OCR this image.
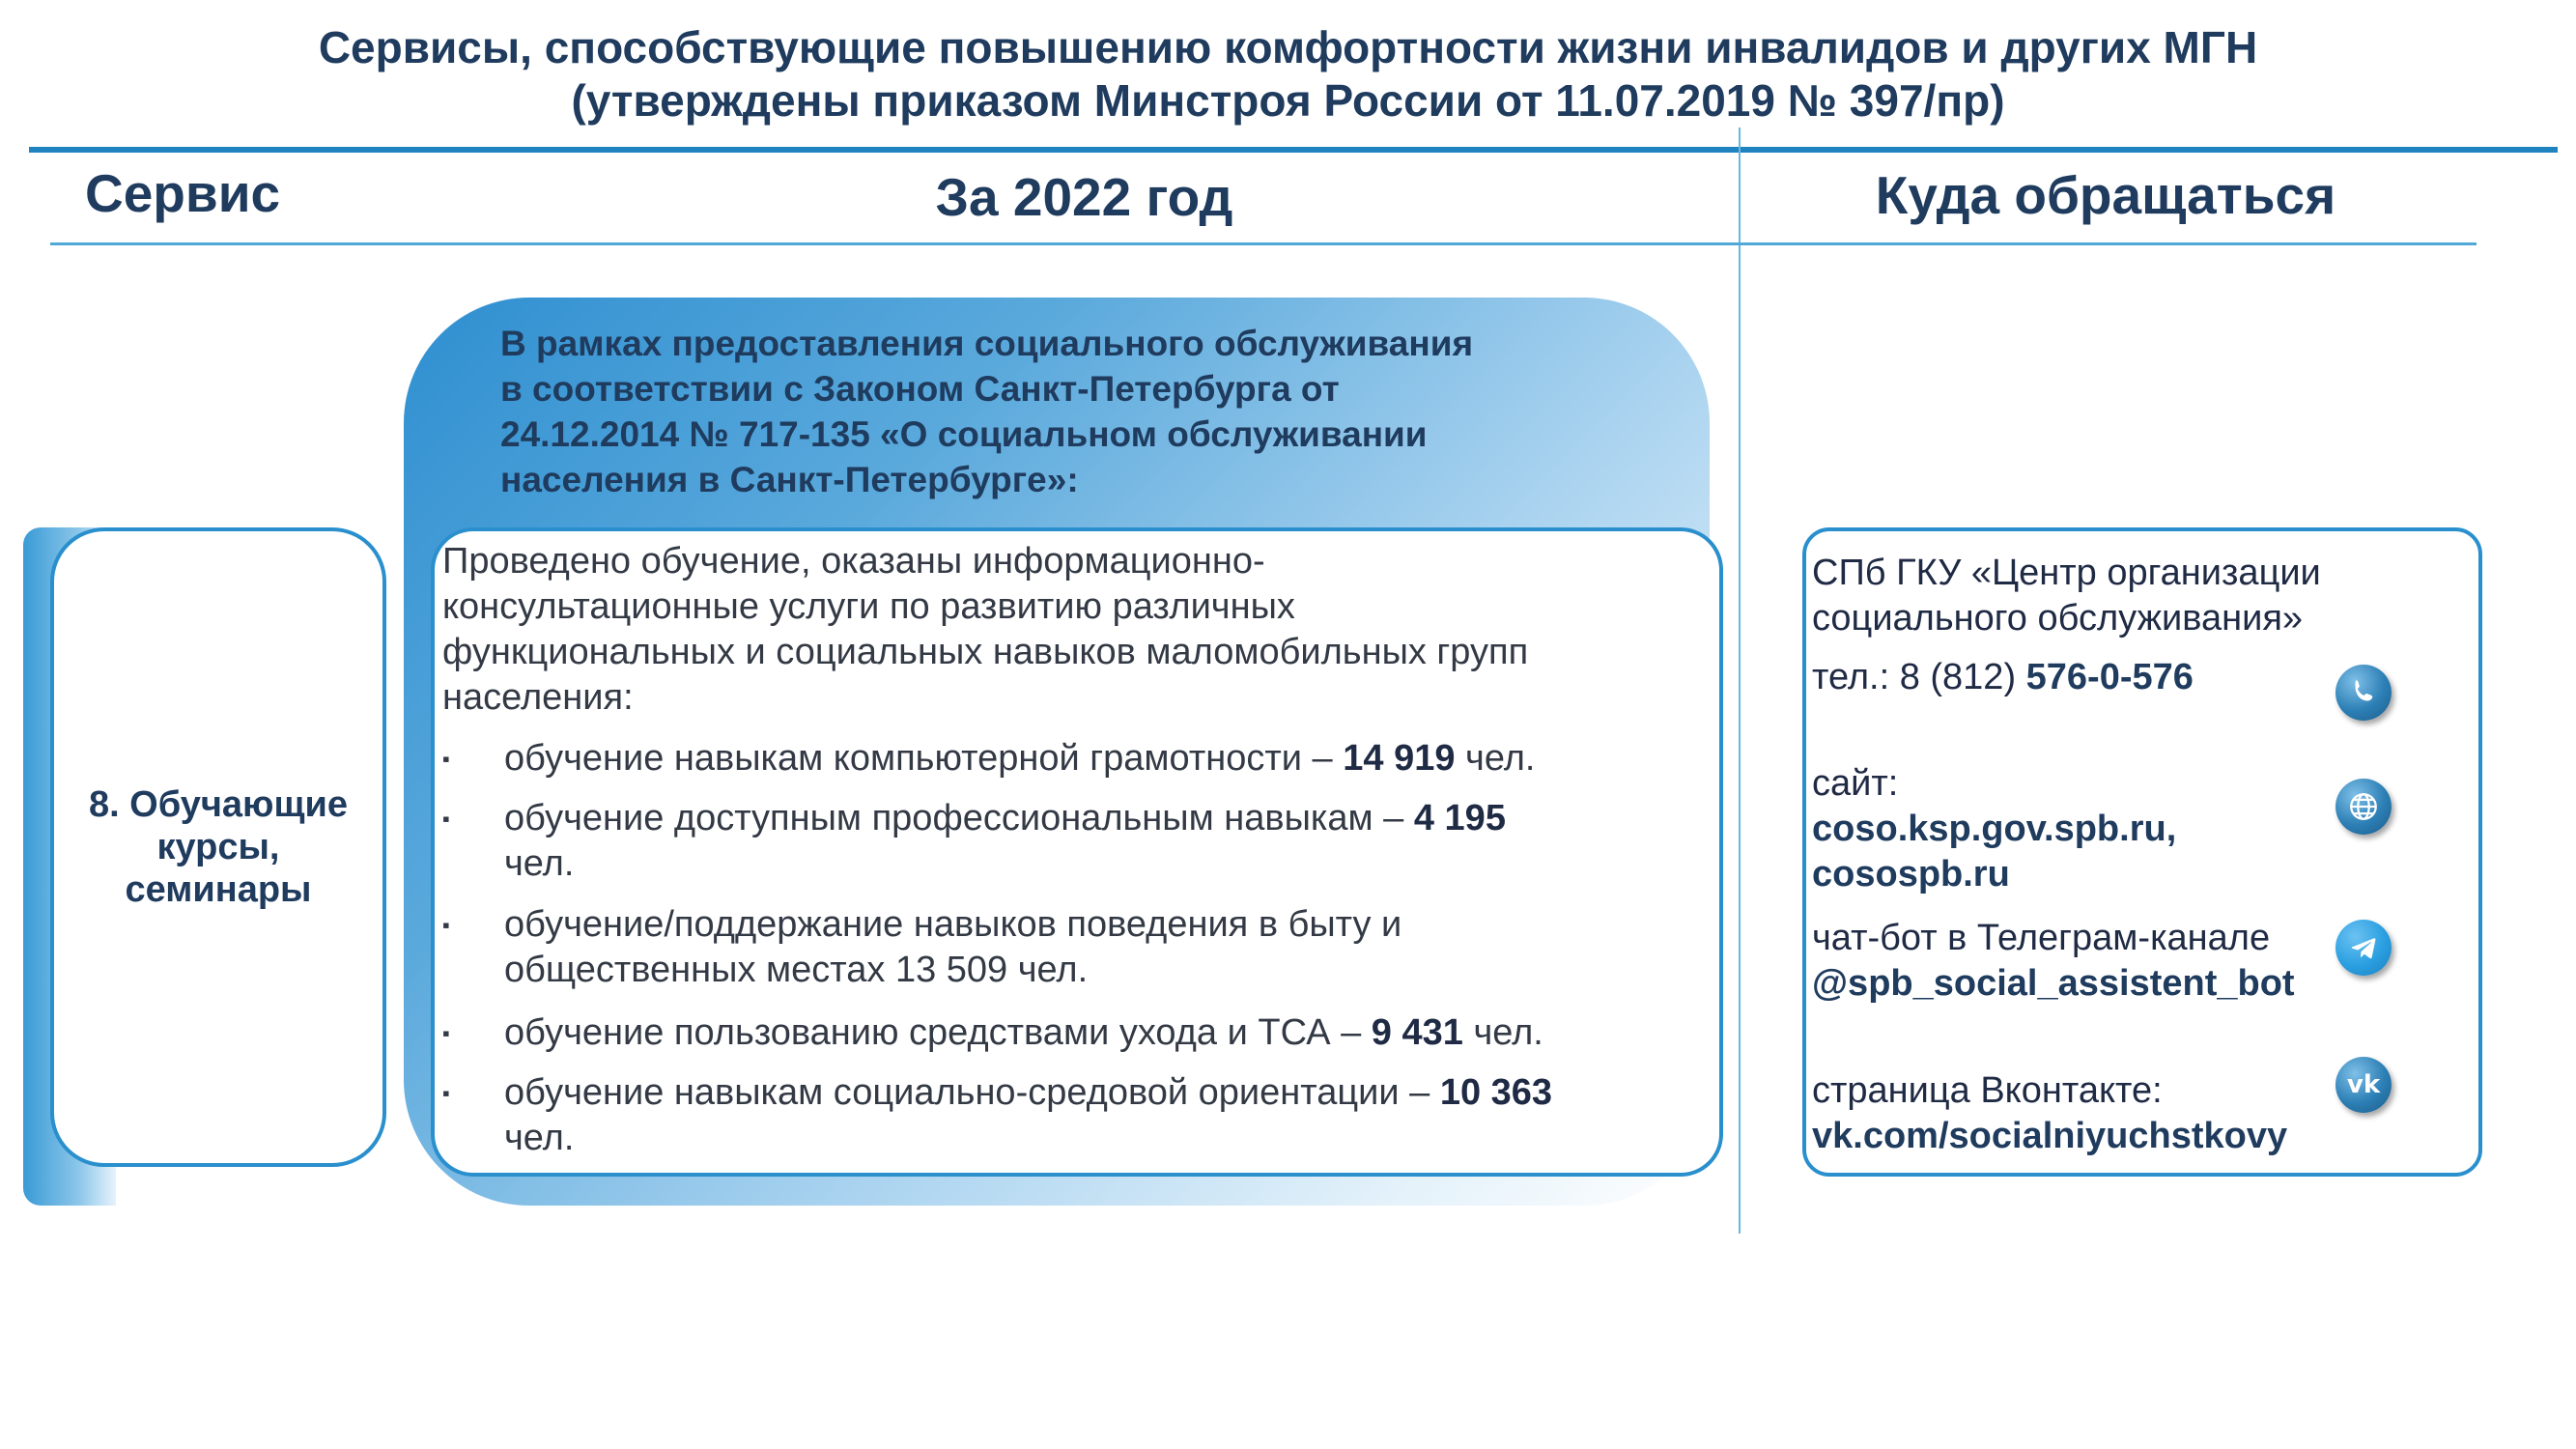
Сервисы, способствующие повышению комфортности жизни инвалидов и других МГН
(утверждены приказом Минстроя России от 11.07.2019 № 397/пр)
Сервис	За 2022 год	Куда обращаться
8. Обучающие курсы, семинары
В рамках предоставления социального обслуживания
в соответствии с Законом Санкт-Петербурга от
24.12.2014 № 717-135 «О социальном обслуживании
населения в Санкт-Петербурге»:
Проведено обучение, оказаны информационно-
консультационные услуги по развитию различных
функциональных и социальных навыков маломобильных групп
населения:
▪	обучение навыкам компьютерной грамотности – 14 919 чел.
▪	обучение доступным профессиональным навыкам – 4 195
чел.
▪	обучение/поддержание навыков поведения в быту и
общественных местах 13 509 чел.
▪	обучение пользованию средствами ухода и ТСА – 9 431 чел.
▪	обучение навыкам социально-средовой ориентации – 10 363
чел.
СПб ГКУ «Центр организации
социального обслуживания»
тел.: 8 (812) 576-0-576
сайт:
coso.ksp.gov.spb.ru,
cosospb.ru
чат-бот в Телеграм-канале
@spb_social_assistent_bot
страница Вконтакте:
vk.com/socialniyuchstkovy
vk
